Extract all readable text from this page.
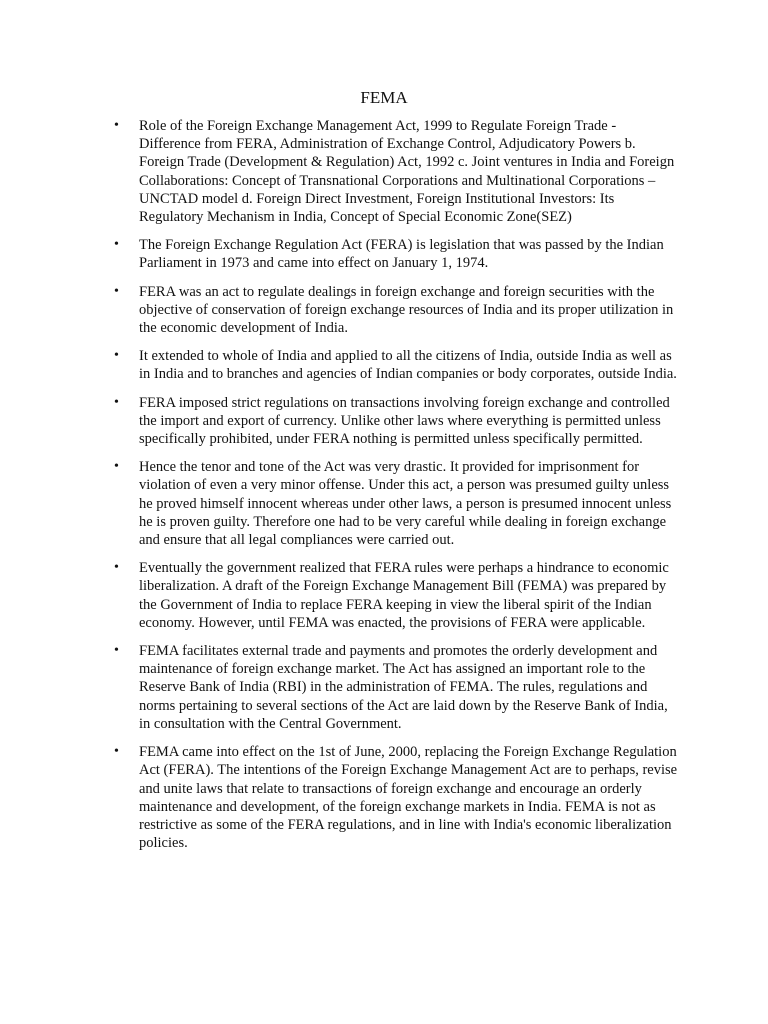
FEMA
•	Role of the Foreign Exchange Management Act, 1999 to Regulate Foreign Trade - Difference from FERA, Administration of Exchange Control, Adjudicatory Powers b. Foreign Trade (Development & Regulation) Act, 1992 c. Joint ventures in India and Foreign Collaborations: Concept of Transnational Corporations and Multinational Corporations – UNCTAD model d. Foreign Direct Investment, Foreign Institutional Investors: Its Regulatory Mechanism in India, Concept of Special Economic Zone(SEZ)
•	The Foreign Exchange Regulation Act (FERA) is legislation that was passed by the Indian Parliament in 1973 and came into effect on January 1, 1974.
•	FERA was an act to regulate dealings in foreign exchange and foreign securities with the objective of conservation of foreign exchange resources of India and its proper utilization in the economic development of India.
•	It extended to whole of India and applied to all the citizens of India, outside India as well as in India and to branches and agencies of Indian companies or body corporates, outside India.
•	FERA imposed strict regulations on transactions involving foreign exchange and controlled the import and export of currency. Unlike other laws where everything is permitted unless specifically prohibited, under FERA nothing is permitted unless specifically permitted.
•	Hence the tenor and tone of the Act was very drastic. It provided for imprisonment for violation of even a very minor offense. Under this act, a person was presumed guilty unless he proved himself innocent whereas under other laws, a person is presumed innocent unless he is proven guilty. Therefore one had to be very careful while dealing in foreign exchange and ensure that all legal compliances were carried out.
•	Eventually the government realized that FERA rules were perhaps a hindrance to economic liberalization. A draft of the Foreign Exchange Management Bill (FEMA) was prepared by the Government of India to replace FERA keeping in view the liberal spirit of the Indian economy. However, until FEMA was enacted, the provisions of FERA were applicable.
•	FEMA facilitates external trade and payments and promotes the orderly development and maintenance of foreign exchange market. The Act has assigned an important role to the Reserve Bank of India (RBI) in the administration of FEMA. The rules, regulations and norms pertaining to several sections of the Act are laid down by the Reserve Bank of India, in consultation with the Central Government.
•	FEMA came into effect on the 1st of June, 2000, replacing the Foreign Exchange Regulation Act (FERA). The intentions of the Foreign Exchange Management Act are to perhaps, revise and unite laws that relate to transactions of foreign exchange and encourage an orderly maintenance and development, of the foreign exchange markets in India. FEMA is not as restrictive as some of the FERA regulations, and in line with India's economic liberalization policies.
